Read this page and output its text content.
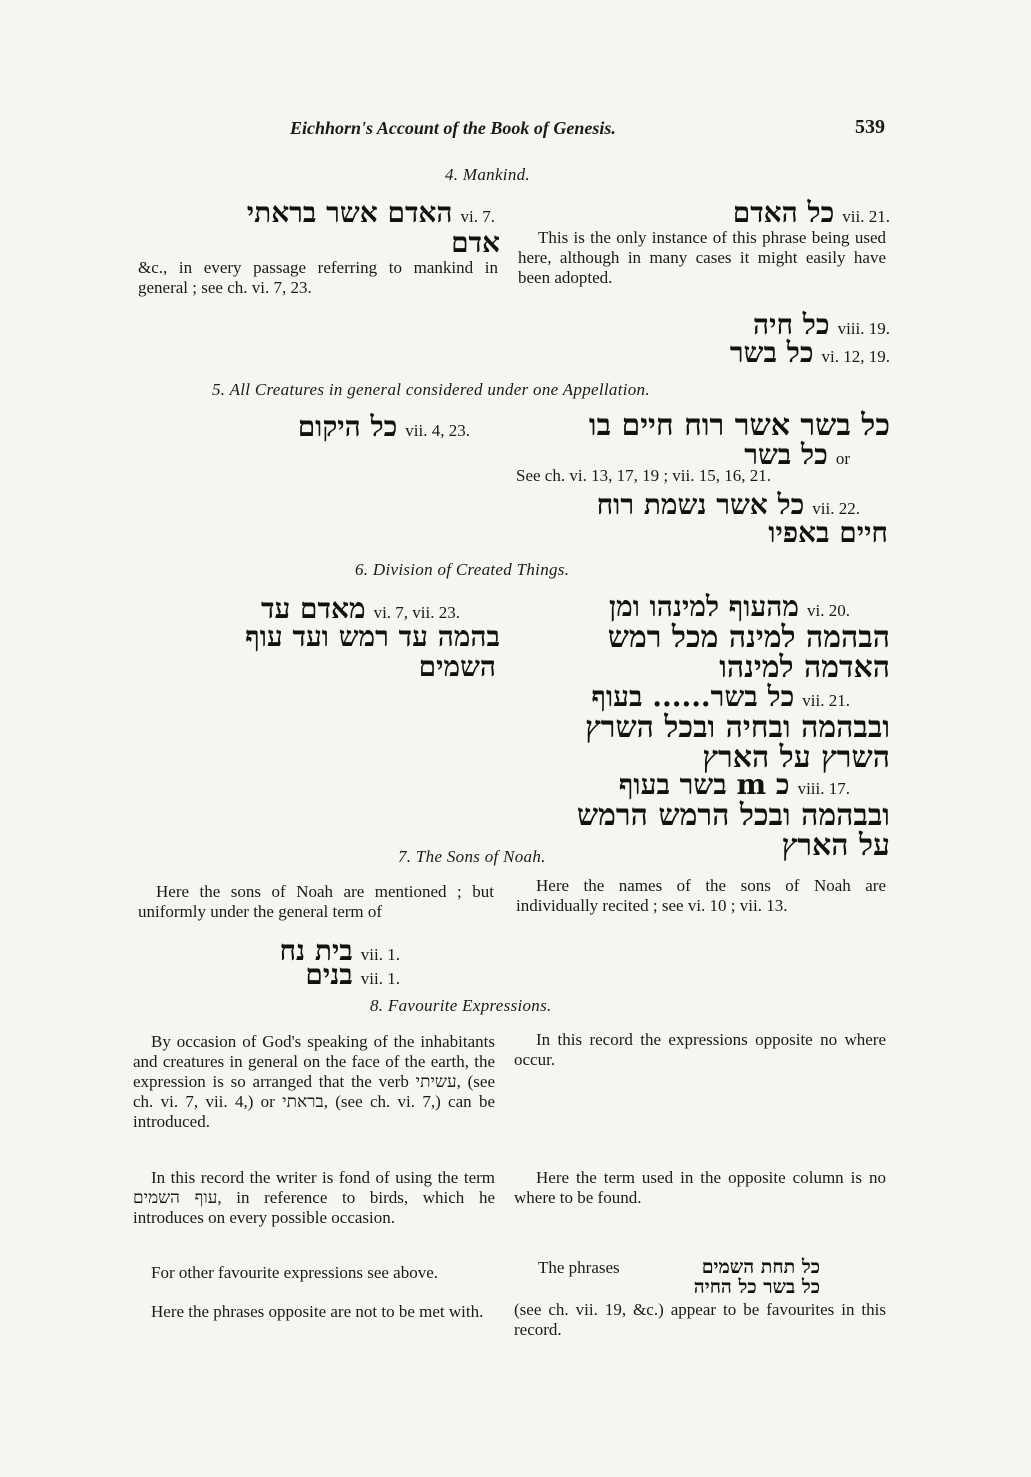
Eichhorn's Account of the Book of Genesis.	539
4. Mankind.
האדם אשר בראתי vi. 7.
אדם
&c., in every passage referring to mankind in general ; see ch. vi. 7, 23.
כל האדם vii. 21.
This is the only instance of this phrase being used here, although in many cases it might easily have been adopted.
כל חיה viii. 19.
כל בשר vi. 12, 19.
5. All Creatures in general considered under one Appellation.
כל היקום vii. 4, 23.	כל בשר אשר רוח חיים בו
כל בשר or
See ch. vi. 13, 17, 19 ; vii. 15, 16, 21.
כל אשר נשמת רוח vii. 22.
חיים באפיו
6. Division of Created Things.
מאדם עד vi. 7, vii. 23.
בהמה עד רמש ועד עוף
השמים
מהעוף למינהו ומן vi. 20.
הבהמה למינה מכל רמש
האדמה למינהו
כל בשר...... בעוף vii. 21.
ובבהמה ובחיה ובכל השרץ
השרץ על הארץ
כ ‎m‎ בשר בעוף viii. 17.
ובבהמה ובכל הרמש הרמש
על הארץ
7. The Sons of Noah.
Here the sons of Noah are mentioned ; but uniformly under the general term of
בית נח vii. 1.
בנים vii. 1.
Here the names of the sons of Noah are individually recited ; see vi. 10 ; vii. 13.
8. Favourite Expressions.
By occasion of God's speaking of the inhabitants and creatures in general on the face of the earth, the expression is so arranged that the verb עשיתי, (see ch. vi. 7, vii. 4,) or בראתי, (see ch. vi. 7,) can be introduced.
In this record the expressions opposite no where occur.
In this record the writer is fond of using the term עוף השמים, in reference to birds, which he introduces on every possible occasion.
Here the term used in the opposite column is no where to be found.
For other favourite expressions see above.
Here the phrases opposite are not to be met with.
The phrases	כל תחת השמים
כל בשר כל החיה
(see ch. vii. 19, &c.) appear to be favourites in this record.
